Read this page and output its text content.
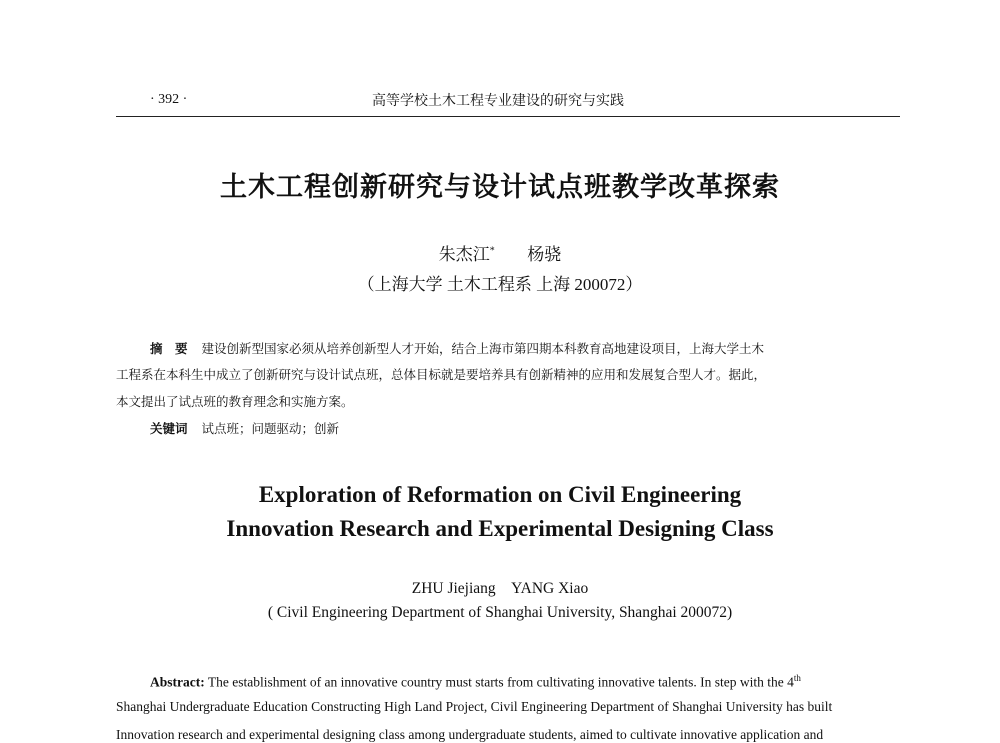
· 392 ·	高等学校土木工程专业建设的研究与实践
土木工程创新研究与设计试点班教学改革探索
朱杰江* 杨骁
（上海大学 土木工程系 上海 200072）
摘　要 建设创新型国家必须从培养创新型人才开始，结合上海市第四期本科教育高地建设项目，上海大学土木
工程系在本科生中成立了创新研究与设计试点班，总体目标就是要培养具有创新精神的应用和发展复合型人才。据此，
本文提出了试点班的教育理念和实施方案。
关键词 试点班；问题驱动；创新
Exploration of Reformation on Civil Engineering
Innovation Research and Experimental Designing Class
ZHU Jiejiang　YANG Xiao
( Civil Engineering Department of Shanghai University, Shanghai 200072)
Abstract: The establishment of an innovative country must starts from cultivating innovative talents. In step with the 4th
Shanghai Undergraduate Education Constructing High Land Project, Civil Engineering Department of Shanghai University has built
Innovation research and experimental designing class among undergraduate students, aimed to cultivate innovative application and
